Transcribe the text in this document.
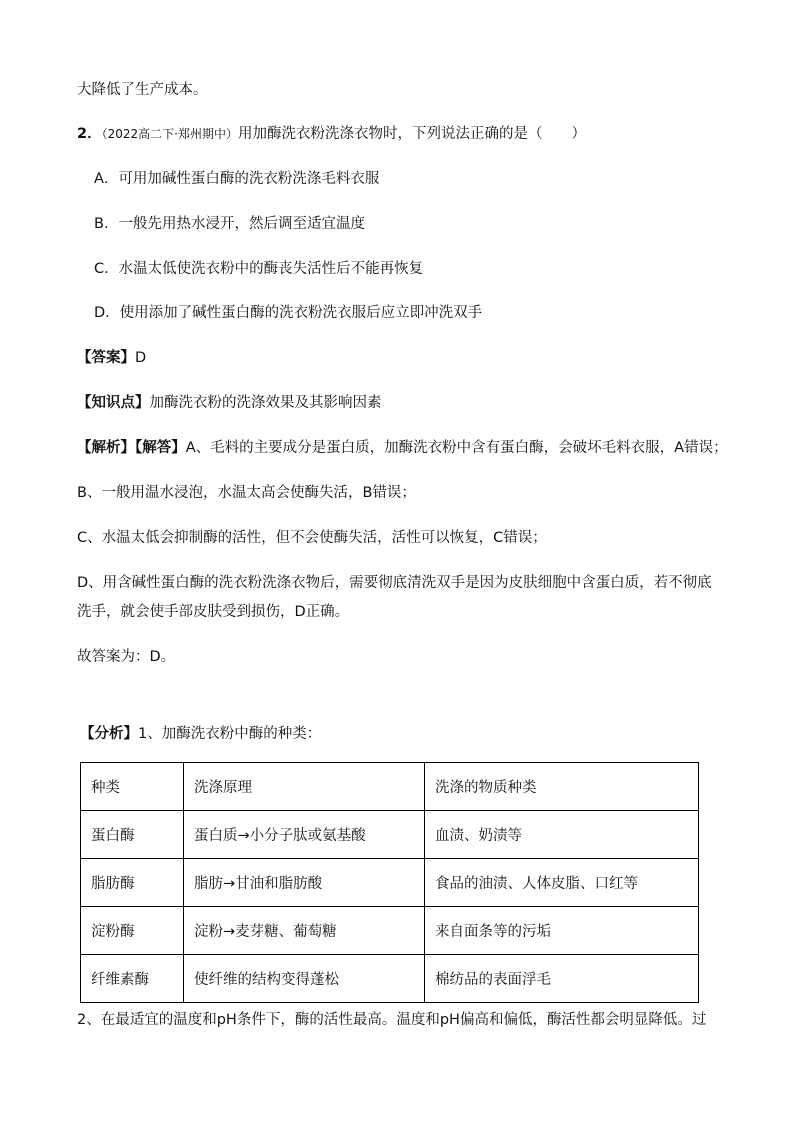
大降低了生产成本。
2．（2022高二下·郑州期中）用加酶洗衣粉洗涤衣物时，下列说法正确的是（　　）
A．可用加碱性蛋白酶的洗衣粉洗涤毛料衣服
B．一般先用热水浸开，然后调至适宜温度
C．水温太低使洗衣粉中的酶丧失活性后不能再恢复
D．使用添加了碱性蛋白酶的洗衣粉洗衣服后应立即冲洗双手
【答案】D
【知识点】加酶洗衣粉的洗涤效果及其影响因素
【解析】【解答】A、毛料的主要成分是蛋白质，加酶洗衣粉中含有蛋白酶，会破坏毛料衣服，A错误；
B、一般用温水浸泡，水温太高会使酶失活，B错误；
C、水温太低会抑制酶的活性，但不会使酶失活，活性可以恢复，C错误；
D、用含碱性蛋白酶的洗衣粉洗涤衣物后，需要彻底清洗双手是因为皮肤细胞中含蛋白质，若不彻底
洗手，就会使手部皮肤受到损伤，D正确。
故答案为：D。
【分析】1、加酶洗衣粉中酶的种类：
种类	洗涤原理	洗涤的物质种类
蛋白酶	蛋白质→小分子肽或氨基酸	血渍、奶渍等
脂肪酶	脂肪→甘油和脂肪酸	食品的油渍、人体皮脂、口红等
淀粉酶	淀粉→麦芽糖、葡萄糖	来自面条等的污垢
纤维素酶	使纤维的结构变得蓬松	棉纺品的表面浮毛
2、在最适宜的温度和pH条件下，酶的活性最高。温度和pH偏高和偏低，酶活性都会明显降低。过
